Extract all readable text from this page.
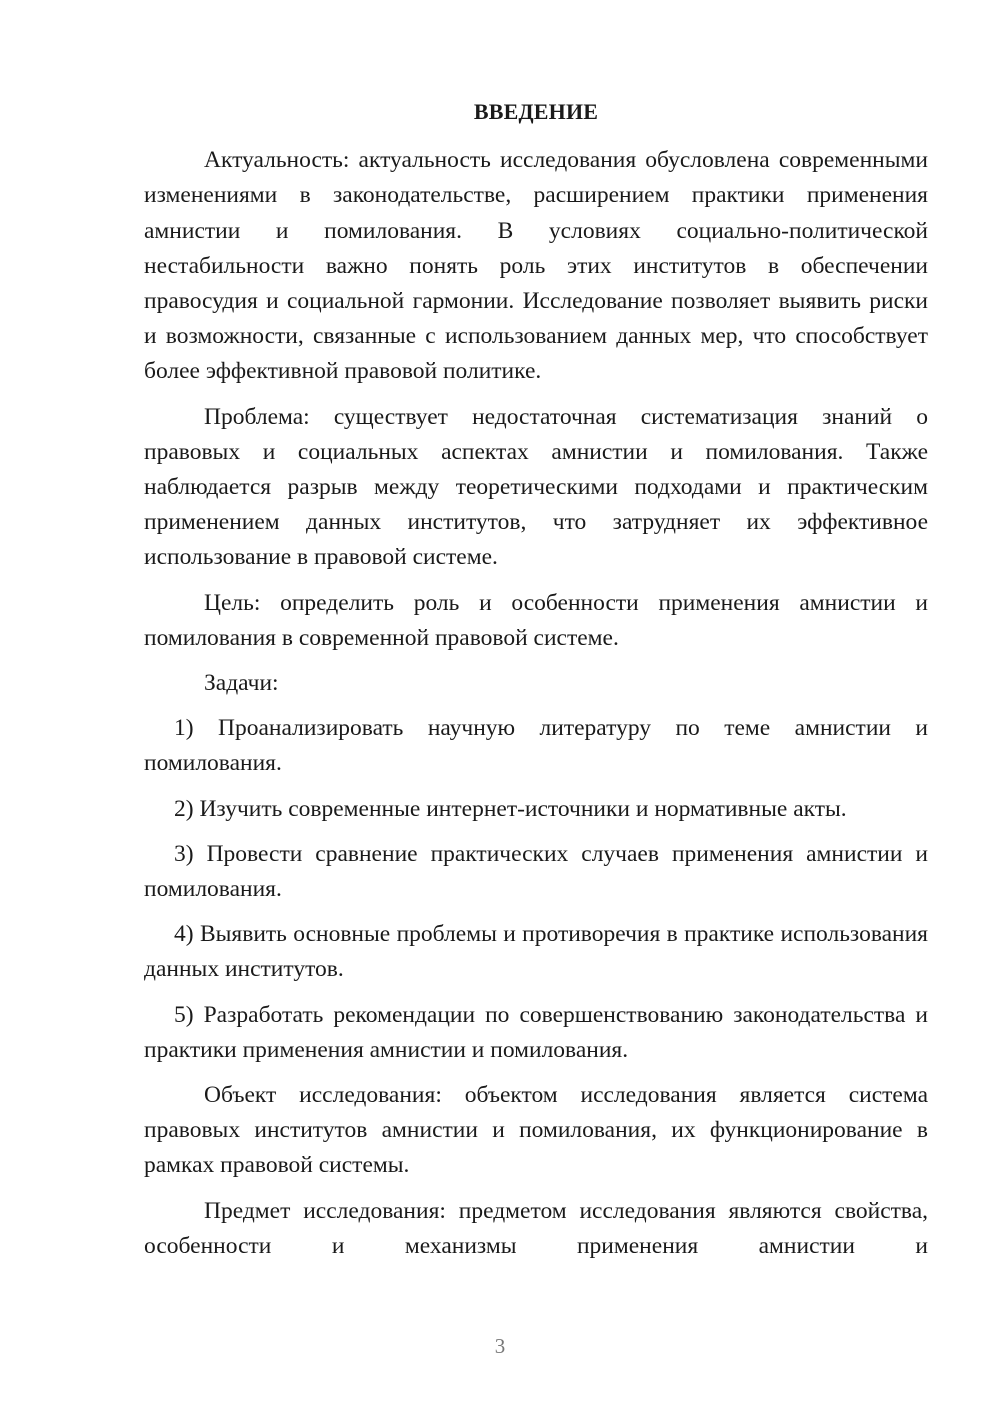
ВВЕДЕНИЕ

Актуальность: актуальность исследования обусловлена современными изменениями в законодательстве, расширением практики применения амнистии и помилования. В условиях социально-политической нестабильности важно понять роль этих институтов в обеспечении правосудия и социальной гармонии. Исследование позволяет выявить риски и возможности, связанные с использованием данных мер, что способствует более эффективной правовой политике.

Проблема: существует недостаточная систематизация знаний о правовых и социальных аспектах амнистии и помилования. Также наблюдается разрыв между теоретическими подходами и практическим применением данных институтов, что затрудняет их эффективное использование в правовой системе.

Цель: определить роль и особенности применения амнистии и помилования в современной правовой системе.

Задачи:

1) Проанализировать научную литературу по теме амнистии и помилования.

2) Изучить современные интернет-источники и нормативные акты.

3) Провести сравнение практических случаев применения амнистии и помилования.

4) Выявить основные проблемы и противоречия в практике использования данных институтов.

5) Разработать рекомендации по совершенствованию законодательства и практики применения амнистии и помилования.

Объект исследования: объектом исследования является система правовых институтов амнистии и помилования, их функционирование в рамках правовой системы.

Предмет исследования: предметом исследования являются свойства, особенности и механизмы применения амнистии и

3
